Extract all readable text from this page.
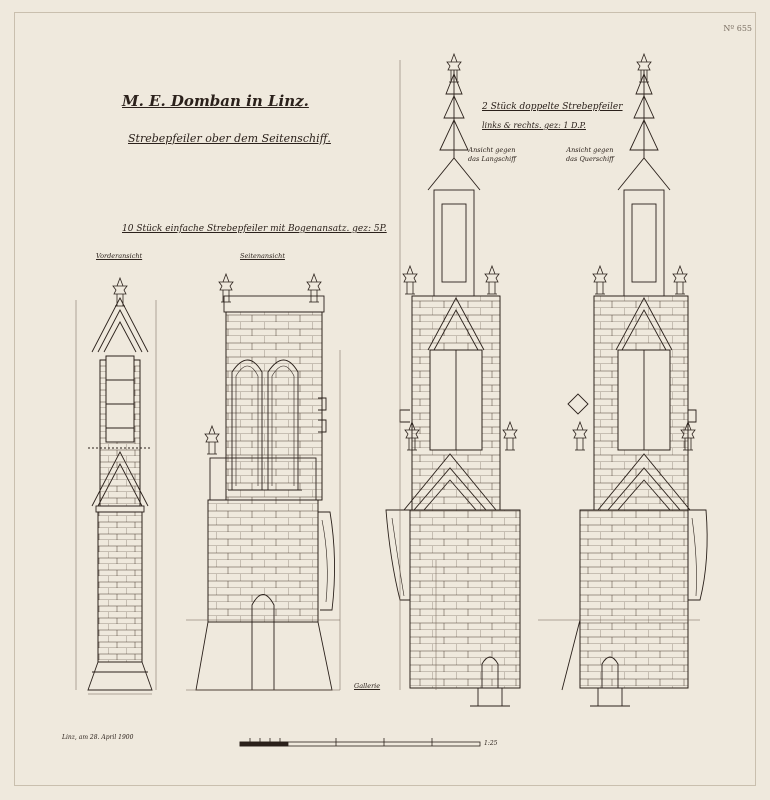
Nº 655
M. E. Domban in Linz.
Strebepfeiler ober dem Seitenschiff.
10 Stück einfache Strebepfeiler mit Bogenansatz. gez: 5P.
2 Stück doppelte Strebepfeiler
links & rechts. gez: 1 D.P.
Vorderansicht	Seitenansicht
Ansicht gegen
das Langschiff
Ansicht gegen
das Querschiff
Gallerie
1:25
Linz, am 28. April 1900
